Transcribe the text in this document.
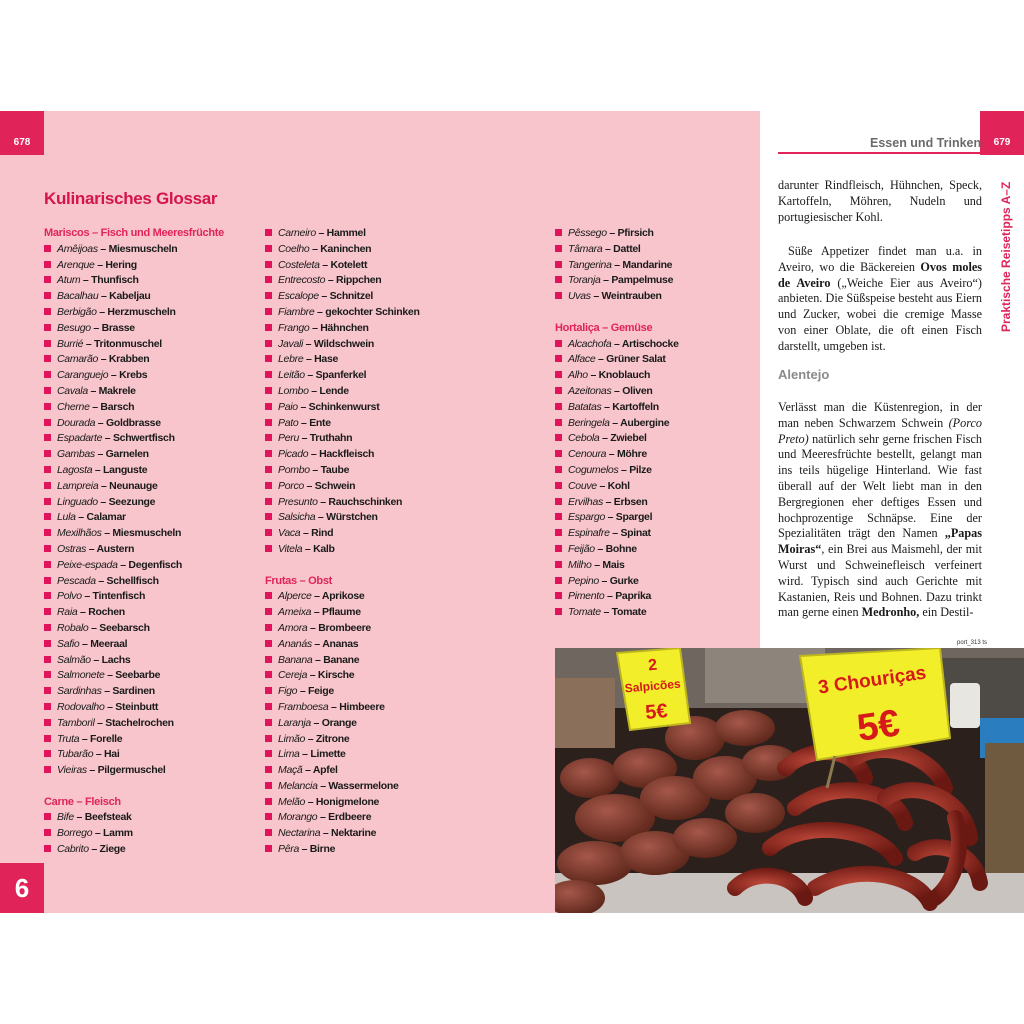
678
6
Kulinarisches Glossar
Mariscos – Fisch und Meeresfrüchte
Amêijoas – Miesmuscheln
Arenque – Hering
Atum – Thunfisch
Bacalhau – Kabeljau
Berbigão – Herzmuscheln
Besugo – Brasse
Burrié – Tritonmuschel
Camarão – Krabben
Caranguejo – Krebs
Cavala – Makrele
Cherne – Barsch
Dourada – Goldbrasse
Espadarte – Schwertfisch
Gambas – Garnelen
Lagosta – Languste
Lampreia – Neunauge
Linguado – Seezunge
Lula – Calamar
Mexilhãos – Miesmuscheln
Ostras – Austern
Peixe-espada – Degenfisch
Pescada – Schellfisch
Polvo – Tintenfisch
Raia – Rochen
Robalo – Seebarsch
Safio – Meeraal
Salmão – Lachs
Salmonete – Seebarbe
Sardinhas – Sardinen
Rodovalho – Steinbutt
Tamboril – Stachelrochen
Truta – Forelle
Tubarão – Hai
Vieiras – Pilgermuschel
Carne – Fleisch
Bife – Beefsteak
Borrego – Lamm
Cabrito – Ziege
Carneiro – Hammel
Coelho – Kaninchen
Costeleta – Kotelett
Entrecosto – Rippchen
Escalope – Schnitzel
Fiambre – gekochter Schinken
Frango – Hähnchen
Javali – Wildschwein
Lebre – Hase
Leitão – Spanferkel
Lombo – Lende
Paio – Schinkenwurst
Pato – Ente
Peru – Truthahn
Picado – Hackfleisch
Pombo – Taube
Porco – Schwein
Presunto – Rauchschinken
Salsicha – Würstchen
Vaca – Rind
Vitela – Kalb
Frutas – Obst
Alperce – Aprikose
Ameixa – Pflaume
Amora – Brombeere
Ananás – Ananas
Banana – Banane
Cereja – Kirsche
Figo – Feige
Framboesa – Himbeere
Laranja – Orange
Limão – Zitrone
Lima – Limette
Maçã – Apfel
Melancia – Wassermelone
Melão – Honigmelone
Morango – Erdbeere
Nectarina – Nektarine
Pêra – Birne
Pêssego – Pfirsich
Tâmara – Dattel
Tangerina – Mandarine
Toranja – Pampelmuse
Uvas – Weintrauben
Hortaliça – Gemüse
Alcachofa – Artischocke
Alface – Grüner Salat
Alho – Knoblauch
Azeitonas – Oliven
Batatas – Kartoffeln
Beringela – Aubergine
Cebola – Zwiebel
Cenoura – Möhre
Cogumelos – Pilze
Couve – Kohl
Ervilhas – Erbsen
Espargo – Spargel
Espinafre – Spinat
Feijão – Bohne
Milho – Mais
Pepino – Gurke
Pimento – Paprika
Tomate – Tomate
679
Essen und Trinken
Praktische Reisetipps A–Z
darunter Rindfleisch, Hühnchen, Speck, Kartoffeln, Möhren, Nudeln und portugiesischer Kohl.
Süße Appetizer findet man u.a. in Aveiro, wo die Bäckereien Ovos moles de Aveiro („Weiche Eier aus Aveiro“) anbieten. Die Süßspeise besteht aus Eiern und Zucker, wobei die cremige Masse von einer Oblate, die oft einen Fisch darstellt, umgeben ist.
Alentejo
Verlässt man die Küstenregion, in der man neben Schwarzem Schwein (Porco Preto) natürlich sehr gerne frischen Fisch und Meeresfrüchte bestellt, gelangt man ins teils hügelige Hinterland. Wie fast überall auf der Welt liebt man in den Bergregionen eher deftiges Essen und hochprozentige Schnäpse. Eine der Spezialitäten trägt den Namen „Papas Moiras“, ein Brei aus Maismehl, der mit Wurst und Schweinefleisch verfeinert wird. Typisch sind auch Gerichte mit Kastanien, Reis und Bohnen. Dazu trinkt man gerne einen Medronho, ein Destil-
port_313 ts
2
Salpicões
5€
3 Chouriças
5€
